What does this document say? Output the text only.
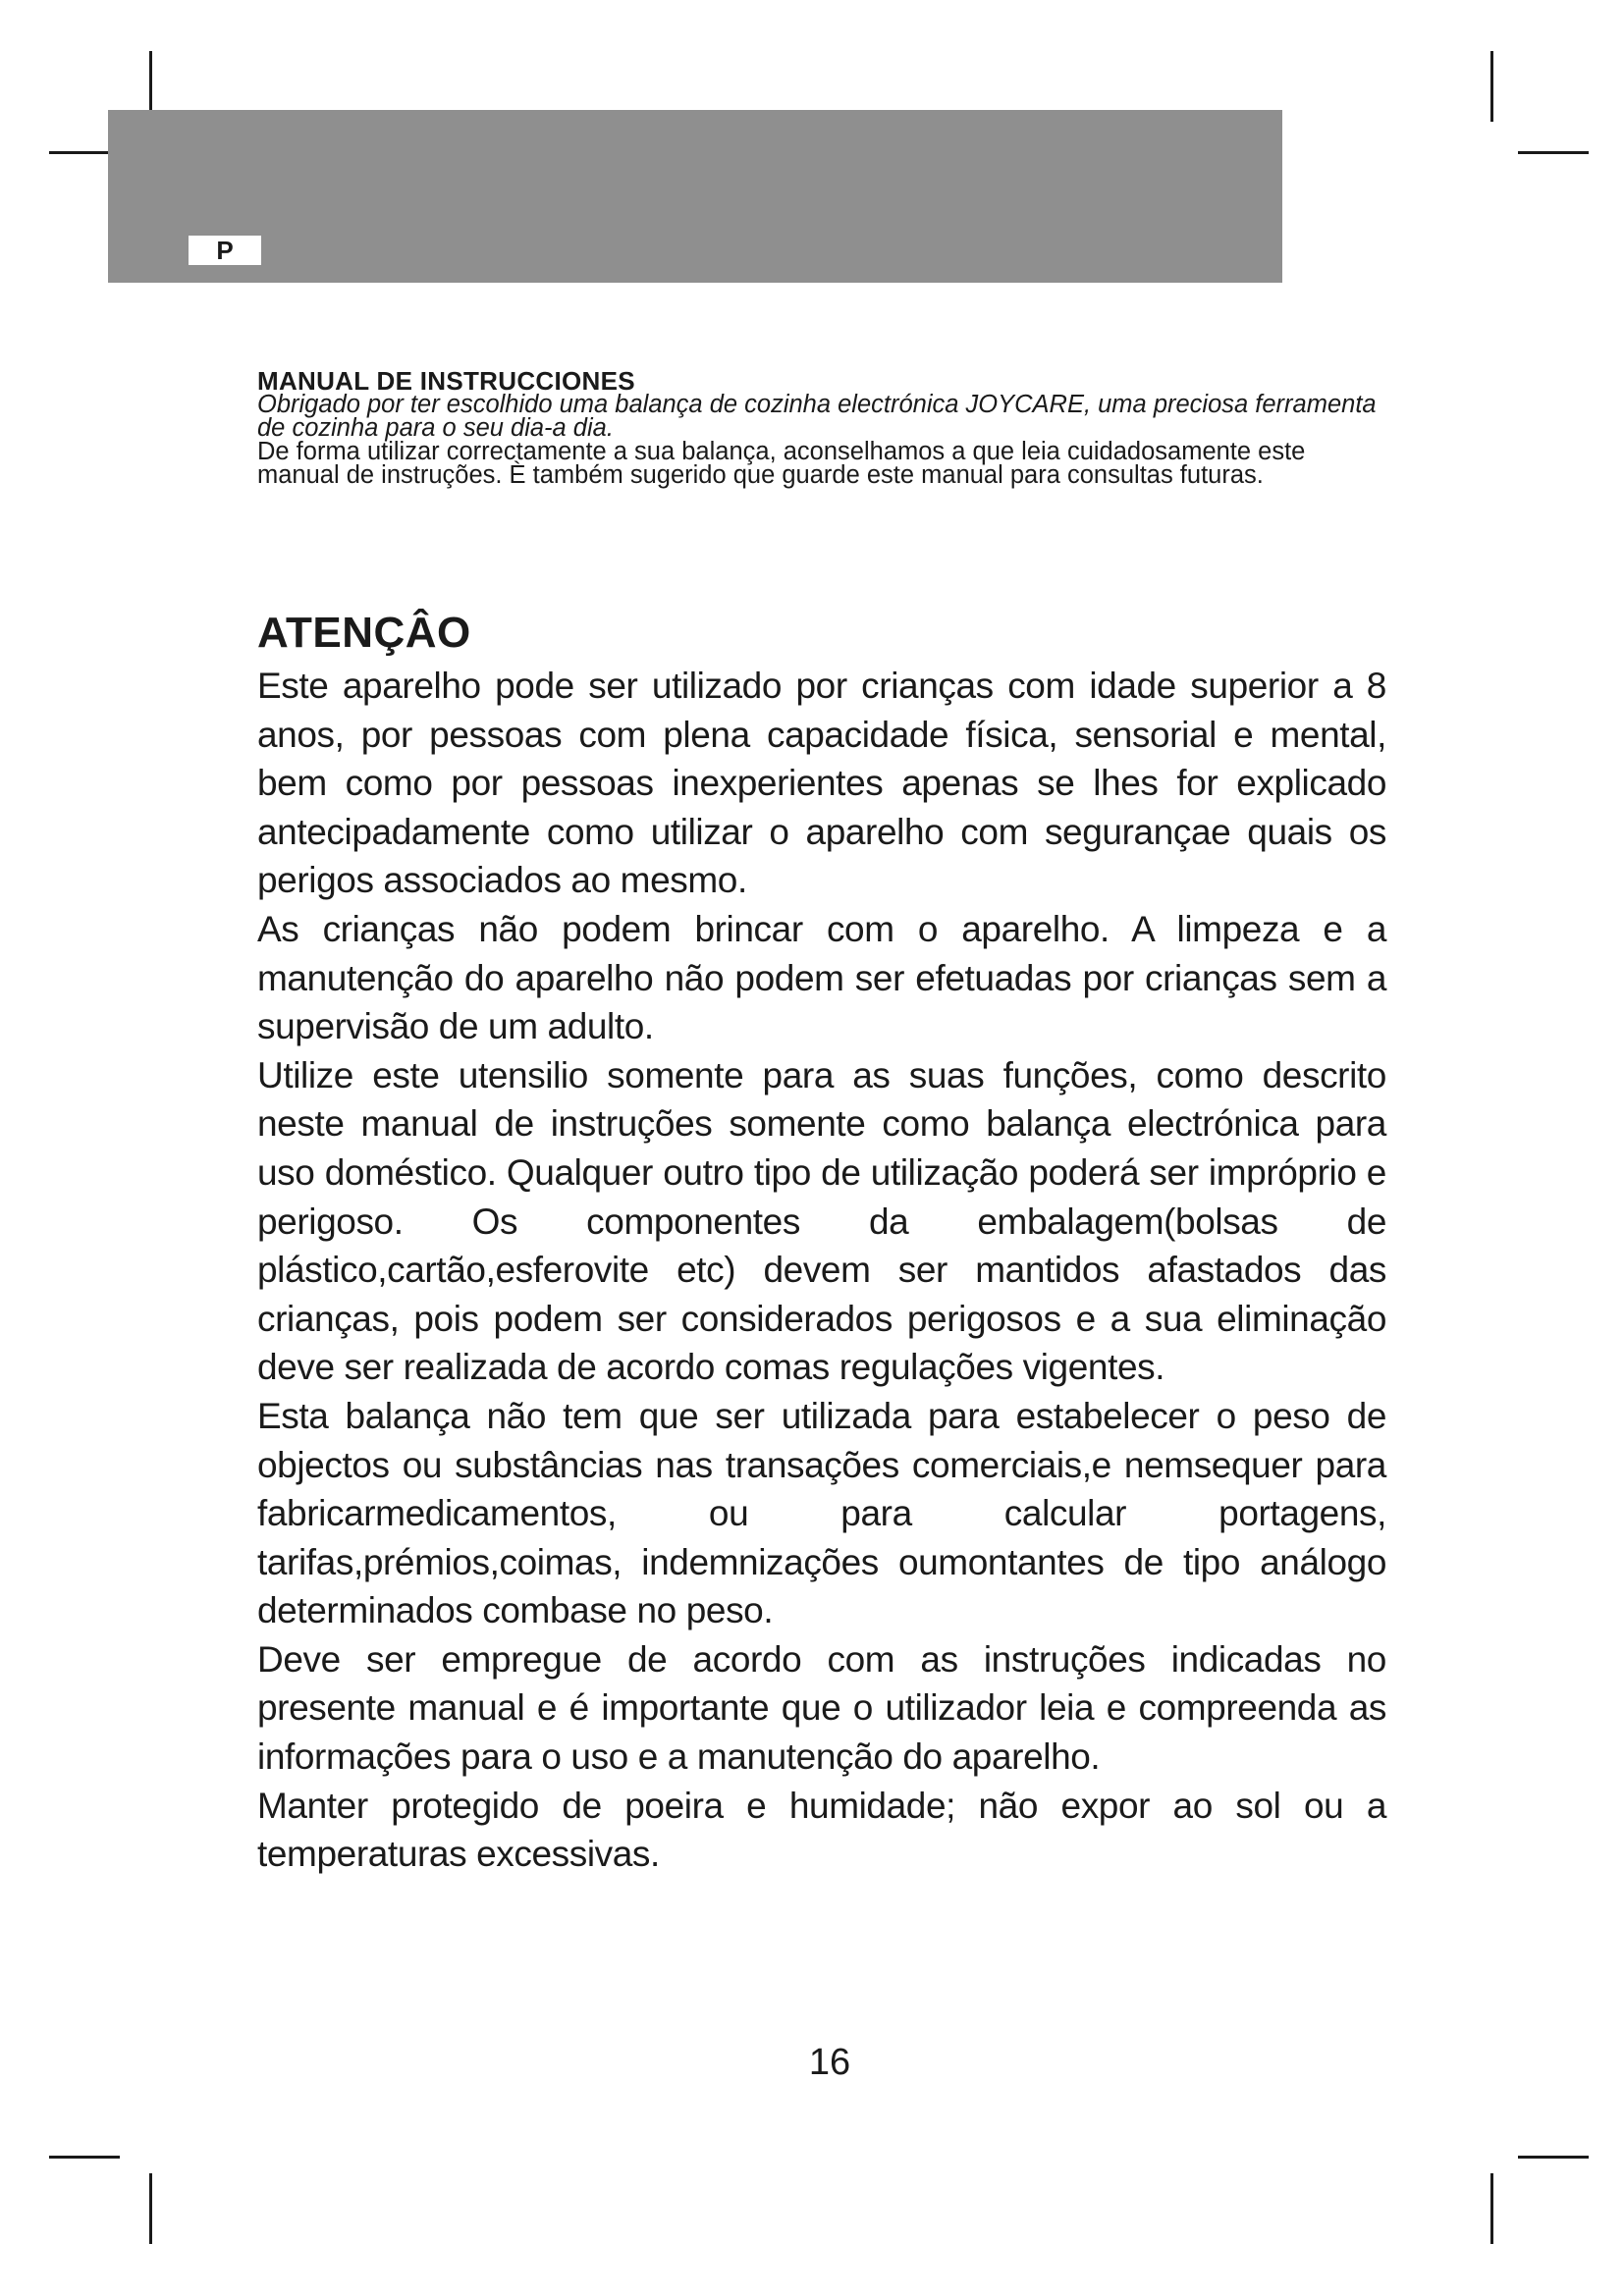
P

MANUAL DE INSTRUCCIONES

Obrigado por ter escolhido uma balança de cozinha electrónica JOYCARE, uma preciosa ferramenta de cozinha para o seu dia-a dia.

De forma utilizar correctamente a sua balança, aconselhamos a que leia cuidadosamente este manual de instruções. È também sugerido que guarde este manual para consultas futuras.

ATENÇÂO

Este aparelho pode ser utilizado por crianças com idade superior a 8 anos, por pessoas com plena capacidade física, sensorial e mental, bem como por pessoas inexperientes apenas se lhes for explicado antecipadamente como utilizar o aparelho com segurançae quais os perigos associados ao mesmo.

As crianças não podem brincar com o aparelho. A limpeza e a manutenção do aparelho não podem ser efetuadas por crianças sem a supervisão de um adulto.

Utilize este utensilio somente para as suas funções, como descrito neste manual de instruções somente como balança electrónica para uso doméstico. Qualquer outro tipo de utilização poderá ser impróprio e perigoso. Os componentes da embalagem(bolsas de plástico,cartão,esferovite etc) devem ser mantidos afastados das crianças, pois podem ser considerados perigosos e a sua eliminação deve ser realizada de acordo comas regulações vigentes.

Esta balança não tem que ser utilizada para estabelecer o peso de objectos ou substâncias nas transações comerciais,e nemsequer para fabricarmedicamentos, ou para calcular portagens, tarifas,prémios,coimas, indemnizações oumontantes de tipo análogo determinados combase no peso.

Deve ser empregue de acordo com as instruções indicadas no presente manual e é importante que o utilizador leia e compreenda as informações para o uso e a manutenção do aparelho.

Manter protegido de poeira e humidade; não expor ao sol ou a temperaturas excessivas.

16
